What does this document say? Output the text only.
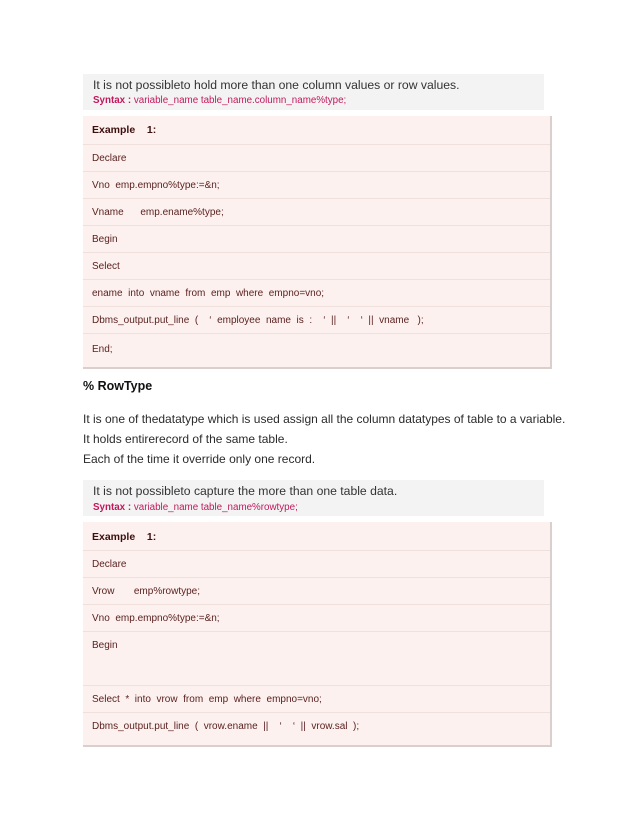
It is not possibleto hold more than one column values or row values.
Syntax : variable_name table_name.column_name%type;
Example    1:
Declare
Vno  emp.empno%type:=&n;
Vname      emp.ename%type;
Begin
Select
ename  into  vname  from  emp  where  empno=vno;
Dbms_output.put_line  (    ‘  employee  name  is  :    ‘  ||    ‘    ‘  ||  vname   );
End;
% RowType
It is one of thedatatype which is used assign all the column datatypes of table to a variable.
It holds entirerecord of the same table.
Each of the time it override only one record.
It is not possibleto capture the more than one table data.
Syntax : variable_name table_name%rowtype;
Example    1:
Declare
Vrow       emp%rowtype;
Vno  emp.empno%type:=&n;
Begin
Select  *  into  vrow  from  emp  where  empno=vno;
Dbms_output.put_line  (  vrow.ename  ||    ‘    ‘  ||  vrow.sal  );
